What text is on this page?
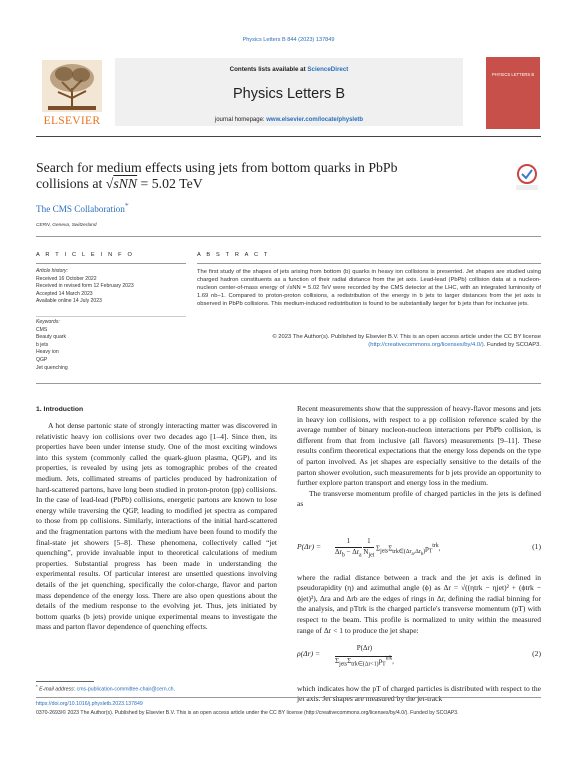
Physics Letters B 844 (2023) 137849
ELSEVIER
Contents lists available at ScienceDirect
Physics Letters B
journal homepage: www.elsevier.com/locate/physletb
PHYSICS LETTERS B
Search for medium effects using jets from bottom quarks in PbPb
collisions at √sNN = 5.02 TeV
The CMS Collaboration*
CERN, Geneva, Switzerland
A R T I C L E I N F O	A B S T R A C T
Article history:
Received 16 October 2022
Received in revised form 12 February 2023
Accepted 14 March 2023
Available online 14 July 2023
Keywords:
CMS
Beauty quark
b jets
Heavy ion
QGP
Jet quenching
The first study of the shapes of jets arising from bottom (b) quarks in heavy ion collisions is presented. Jet shapes are studied using charged hadron constituents as a function of their radial distance from the jet axis. Lead-lead (PbPb) collision data at a nucleon-nucleon center-of-mass energy of √sNN = 5.02 TeV were recorded by the CMS detector at the LHC, with an integrated luminosity of 1.69 nb−1. Compared to proton-proton collisions, a redistribution of the energy in b jets to larger distances from the jet axis is observed in PbPb collisions. This medium-induced redistribution is found to be substantially larger for b jets than for inclusive jets.
© 2023 The Author(s). Published by Elsevier B.V. This is an open access article under the CC BY license (http://creativecommons.org/licenses/by/4.0/). Funded by SCOAP3.
1. Introduction

A hot dense partonic state of strongly interacting matter was discovered in relativistic heavy ion collisions over two decades ago [1–4]. Since then, its properties have been under intense study. One of the most exciting windows into this system (commonly called the quark-gluon plasma, QGP), and its properties, is revealed by using jets as tomographic probes of the created medium. Jets, collimated streams of particles produced by hadronization of hard-scattered partons, have long been studied in proton-proton (pp) collisions. In the case of lead-lead (PbPb) collisions, energetic partons are known to lose energy while traversing the QGP, leading to modified jet spectra as compared to those from pp collisions. Similarly, interactions of the initial hard-scattered and the fragmentation partons with the medium have been found to modify the final-state jet showers [5–8]. These phenomena, collectively called “jet quenching”, provide invaluable input to theoretical calculations of medium properties. Substantial progress has been made in understanding the experimental results. Of particular interest are unsettled questions involving details of the jet quenching, specifically the color-charge, flavor and parton mass dependence of the energy loss. There are also open questions about the details of the medium response to the evolving jet. Thus, jets initiated by bottom quarks (b jets) provide unique experimental means to investigate the mass and parton flavor dependence of quenching effects.

Recent measurements show that the suppression of heavy-flavor mesons and jets in heavy ion collisions, with respect to a pp collision reference scaled by the average number of binary nucleon-nucleon interactions per PbPb collision, is different from that from inclusive (all flavors) measurements [9–11]. These results confirm theoretical expectations that the energy loss depends on the type of parton involved. As jet shapes are especially sensitive to the details of the parton shower evolution, such measurements for b jets provide an opportunity to further explore parton transport and energy loss in the medium.

The transverse momentum profile of charged particles in the jets is defined as

P(Δr) =
1
$\Delta r_b - \Delta r_a$ 1
$N_{jet}$ $\Sigma_{jets}\Sigma_{trk\in(\Delta r_a,\Delta r_b)}p_T^{trk}$,	(1)

where the radial distance between a track and the jet axis is defined in pseudorapidity (η) and azimuthal angle (ϕ) as Δr = √((ηtrk − ηjet)² + (ϕtrk − ϕjet)²), Δra and Δrb are the edges of rings in Δr, defining the radial binning for the analysis, and pTtrk is the charged particle's transverse momentum (pT) with respect to the beam. This profile is normalized to unity within the measured range of Δr < 1 to produce the jet shape:

ρ(Δr) =
P(Δr)
$\Sigma_{jets}\Sigma_{trk\in(\Delta r<1)}p_T^{trk}$,
(2)

which indicates how the pT of charged particles is distributed with respect to the jet axis. Jet shapes are measured by the jet-track

* E-mail address: cms-publication-committee-chair@cern.ch.
https://doi.org/10.1016/j.physletb.2023.137849
0370-2693/© 2023 The Author(s). Published by Elsevier B.V. This is an open access article under the CC BY license (http://creativecommons.org/licenses/by/4.0/). Funded by SCOAP3.
